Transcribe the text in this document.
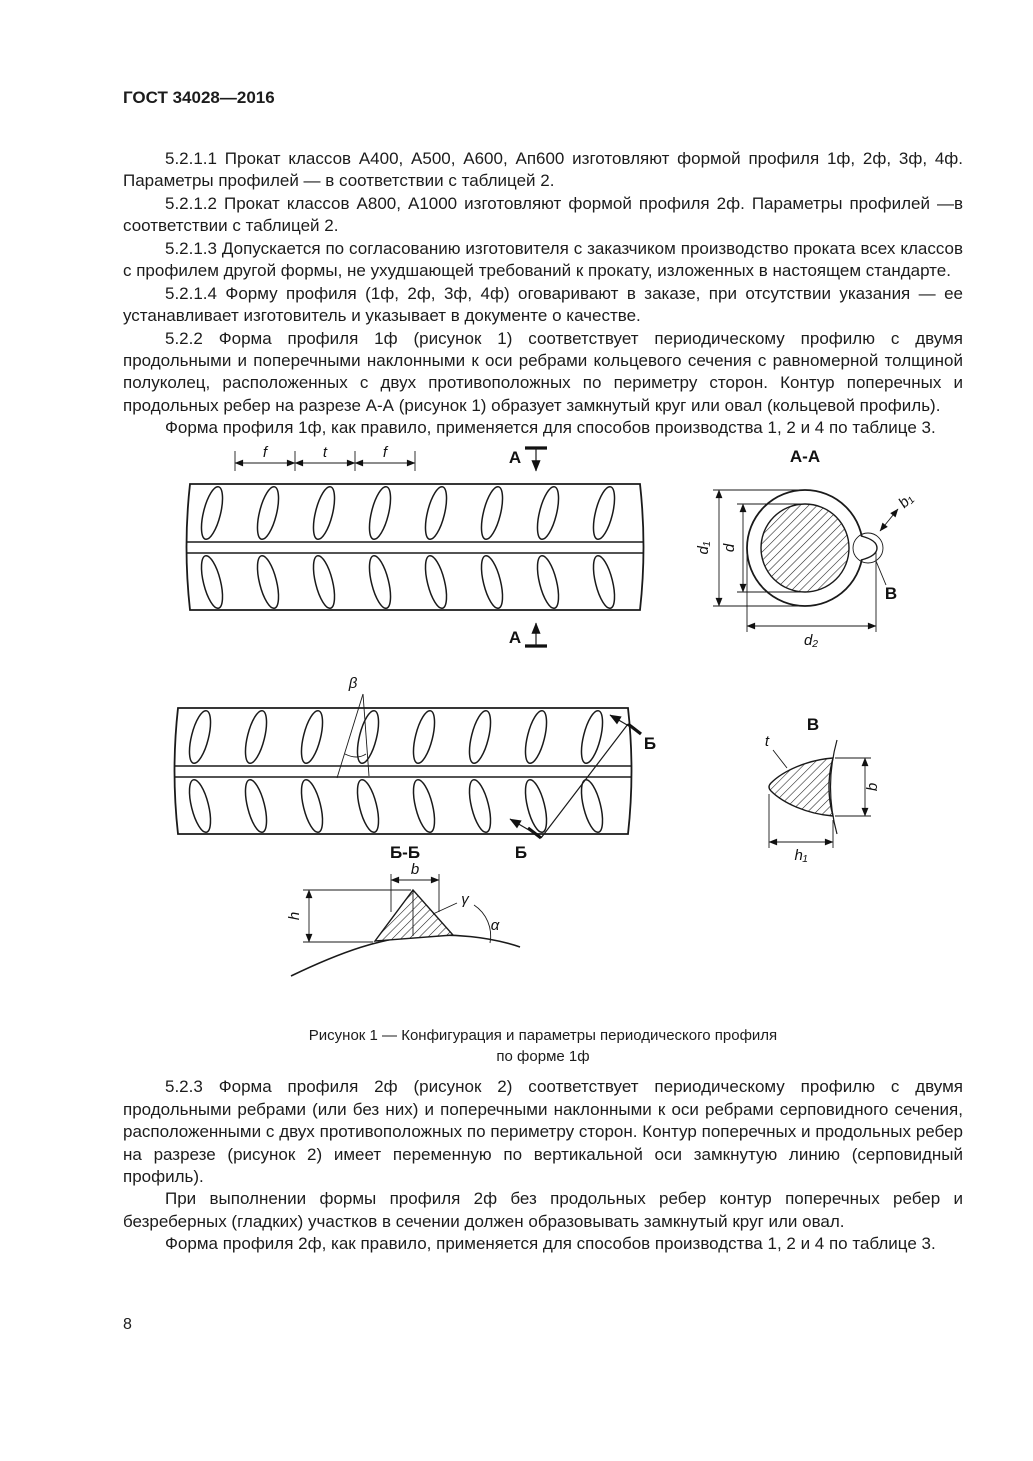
ГОСТ 34028—2016

5.2.1.1 Прокат классов А400, А500, А600, Ап600 изготовляют формой профиля 1ф, 2ф, 3ф, 4ф. Параметры профилей — в соответствии с таблицей 2.

5.2.1.2 Прокат классов А800, А1000 изготовляют формой профиля 2ф. Параметры профилей —в соответствии с таблицей 2.

5.2.1.3 Допускается по согласованию изготовителя с заказчиком производство проката всех классов с профилем другой формы, не ухудшающей требований к прокату, изложенных в настоящем стандарте.

5.2.1.4 Форму профиля (1ф, 2ф, 3ф, 4ф) оговаривают в заказе, при отсутствии указания — ее устанавливает изготовитель и указывает в документе о качестве.

5.2.2 Форма профиля 1ф (рисунок 1) соответствует периодическому профилю с двумя продольными и поперечными наклонными к оси ребрами кольцевого сечения с равномерной толщиной полуколец, расположенных с двух противоположных по периметру сторон. Контур поперечных и продольных ребер на разрезе А-А (рисунок 1) образует замкнутый круг или овал (кольцевой профиль).

Форма профиля 1ф, как правило, применяется для способов производства 1, 2 и 4 по таблице 3.

f	t	f	А
А
А-А
В
d₁ d
d₂
b₁
β
Б
Б
В
t
b
h₁
Б-Б
b
h
γ
α
Рисунок 1 — Конфигурация и параметры периодического профиля
по форме 1ф

5.2.3 Форма профиля 2ф (рисунок 2) соответствует периодическому профилю с двумя продольными ребрами (или без них) и поперечными наклонными к оси ребрами серповидного сечения, расположенными с двух противоположных по периметру сторон. Контур поперечных и продольных ребер на разрезе (рисунок 2) имеет переменную по вертикальной оси замкнутую линию (серповидный профиль).

При выполнении формы профиля 2ф без продольных ребер контур поперечных ребер и безреберных (гладких) участков в сечении должен образовывать замкнутый круг или овал.

Форма профиля 2ф, как правило, применяется для способов производства 1, 2 и 4 по таблице 3.

8
